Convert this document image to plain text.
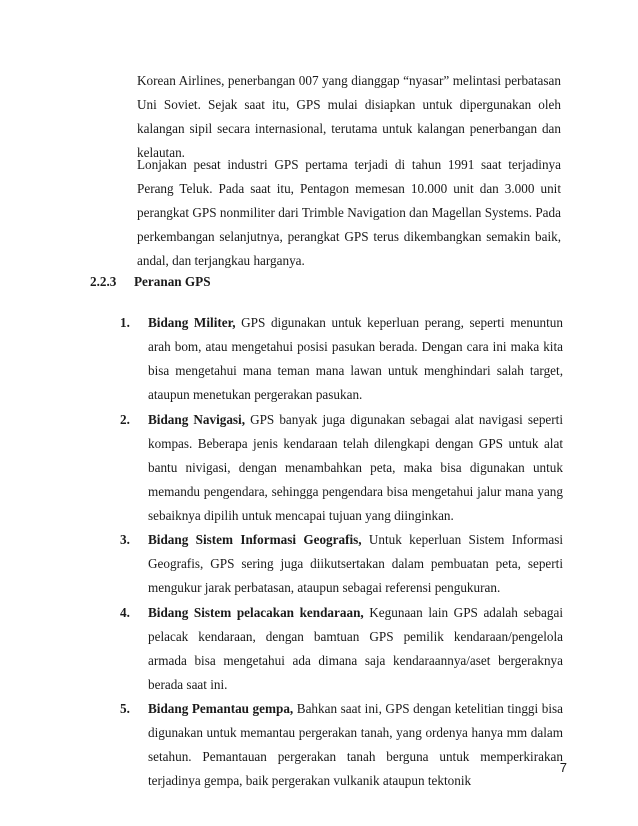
Korean Airlines, penerbangan 007 yang dianggap “nyasar” melintasi perbatasan Uni Soviet. Sejak saat itu, GPS mulai disiapkan untuk dipergunakan oleh kalangan sipil secara internasional, terutama untuk kalangan penerbangan dan kelautan.

Lonjakan pesat industri GPS pertama terjadi di tahun 1991 saat terjadinya Perang Teluk. Pada saat itu, Pentagon memesan 10.000 unit dan 3.000 unit perangkat GPS nonmiliter dari Trimble Navigation dan Magellan Systems. Pada perkembangan selanjutnya, perangkat GPS terus dikembangkan semakin baik, andal, dan terjangkau harganya.

2.2.3 Peranan GPS
1. Bidang Militer, GPS digunakan untuk keperluan perang, seperti menuntun arah bom, atau mengetahui posisi pasukan berada. Dengan cara ini maka kita bisa mengetahui mana teman mana lawan untuk menghindari salah target, ataupun menetukan pergerakan pasukan.
2. Bidang Navigasi, GPS banyak juga digunakan sebagai alat navigasi seperti kompas. Beberapa jenis kendaraan telah dilengkapi dengan GPS untuk alat bantu nivigasi, dengan menambahkan peta, maka bisa digunakan untuk memandu pengendara, sehingga pengendara bisa mengetahui jalur mana yang sebaiknya dipilih untuk mencapai tujuan yang diinginkan.
3. Bidang Sistem Informasi Geografis, Untuk keperluan Sistem Informasi Geografis, GPS sering juga diikutsertakan dalam pembuatan peta, seperti mengukur jarak perbatasan, ataupun sebagai referensi pengukuran.
4. Bidang Sistem pelacakan kendaraan, Kegunaan lain GPS adalah sebagai pelacak kendaraan, dengan bamtuan GPS pemilik kendaraan/pengelola armada bisa mengetahui ada dimana saja kendaraannya/aset bergeraknya berada saat ini.
5. Bidang Pemantau gempa, Bahkan saat ini, GPS dengan ketelitian tinggi bisa digunakan untuk memantau pergerakan tanah, yang ordenya hanya mm dalam setahun. Pemantauan pergerakan tanah berguna untuk memperkirakan terjadinya gempa, baik pergerakan vulkanik ataupun tektonik
7
